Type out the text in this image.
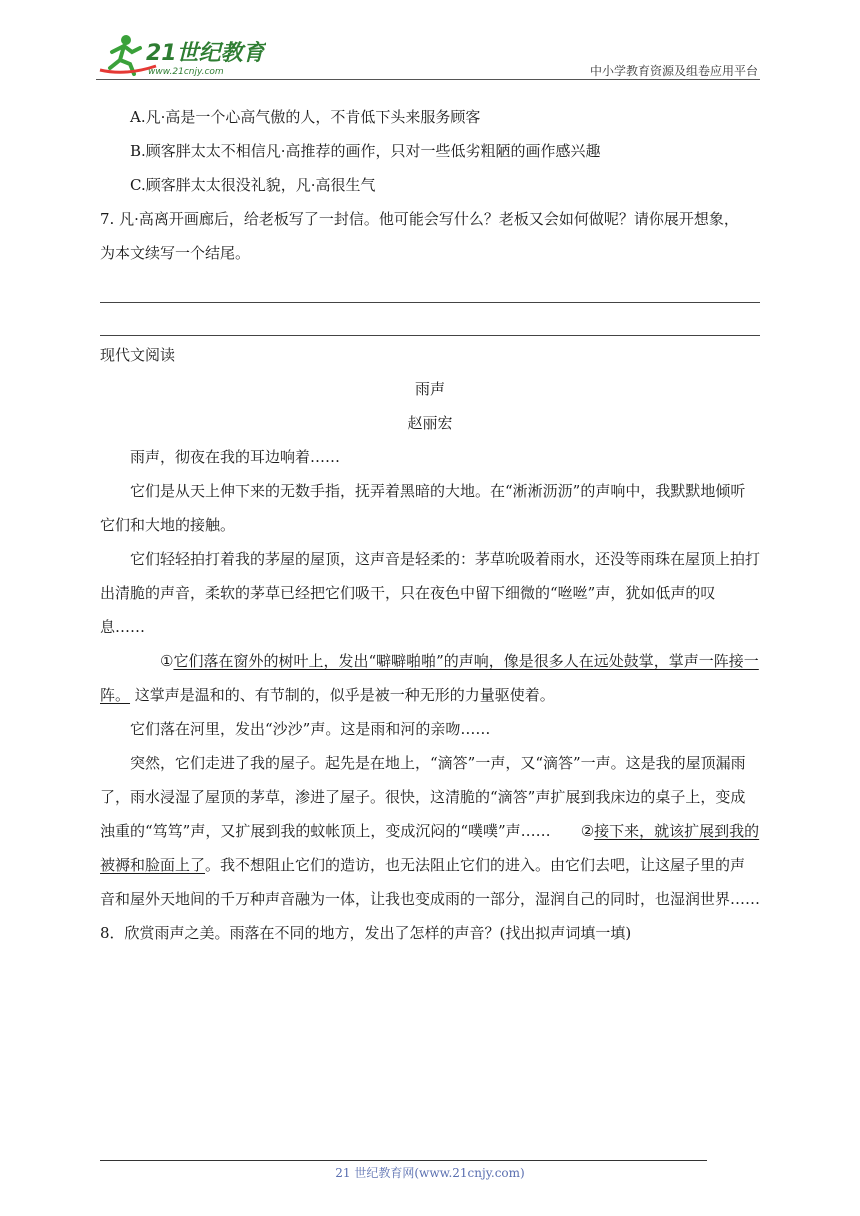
21世纪教育
www.21cnjy.com	中小学教育资源及组卷应用平台

A.凡·高是一个心高气傲的人，不肯低下头来服务顾客

B.顾客胖太太不相信凡·高推荐的画作，只对一些低劣粗陋的画作感兴趣

C.顾客胖太太很没礼貌，凡·高很生气

7. 凡·高离开画廊后，给老板写了一封信。他可能会写什么？老板又会如何做呢？请你展开想象，

为本文续写一个结尾。

现代文阅读

雨声

赵丽宏

雨声，彻夜在我的耳边响着……

它们是从天上伸下来的无数手指，抚弄着黑暗的大地。在“淅淅沥沥”的声响中，我默默地倾听它们和大地的接触。

它们轻轻拍打着我的茅屋的屋顶，这声音是轻柔的：茅草吮吸着雨水，还没等雨珠在屋顶上拍打出清脆的声音，柔软的茅草已经把它们吸干，只在夜色中留下细微的“咝咝”声，犹如低声的叹息……

①它们落在窗外的树叶上，发出“噼噼啪啪”的声响，像是很多人在远处鼓掌，掌声一阵接一阵。 这掌声是温和的、有节制的，似乎是被一种无形的力量驱使着。

它们落在河里，发出“沙沙”声。这是雨和河的亲吻……

突然，它们走进了我的屋子。起先是在地上，“滴答”一声，又“滴答”一声。这是我的屋顶漏雨了，雨水浸湿了屋顶的茅草，渗进了屋子。很快，这清脆的“滴答”声扩展到我床边的桌子上，变成浊重的“笃笃”声，又扩展到我的蚊帐顶上，变成沉闷的“噗噗”声…… ②接下来，就该扩展到我的被褥和脸面上了。我不想阻止它们的造访，也无法阻止它们的进入。由它们去吧，让这屋子里的声音和屋外天地间的千万种声音融为一体，让我也变成雨的一部分，湿润自己的同时，也湿润世界……

8．欣赏雨声之美。雨落在不同的地方，发出了怎样的声音？(找出拟声词填一填)

21 世纪教育网(www.21cnjy.com)
